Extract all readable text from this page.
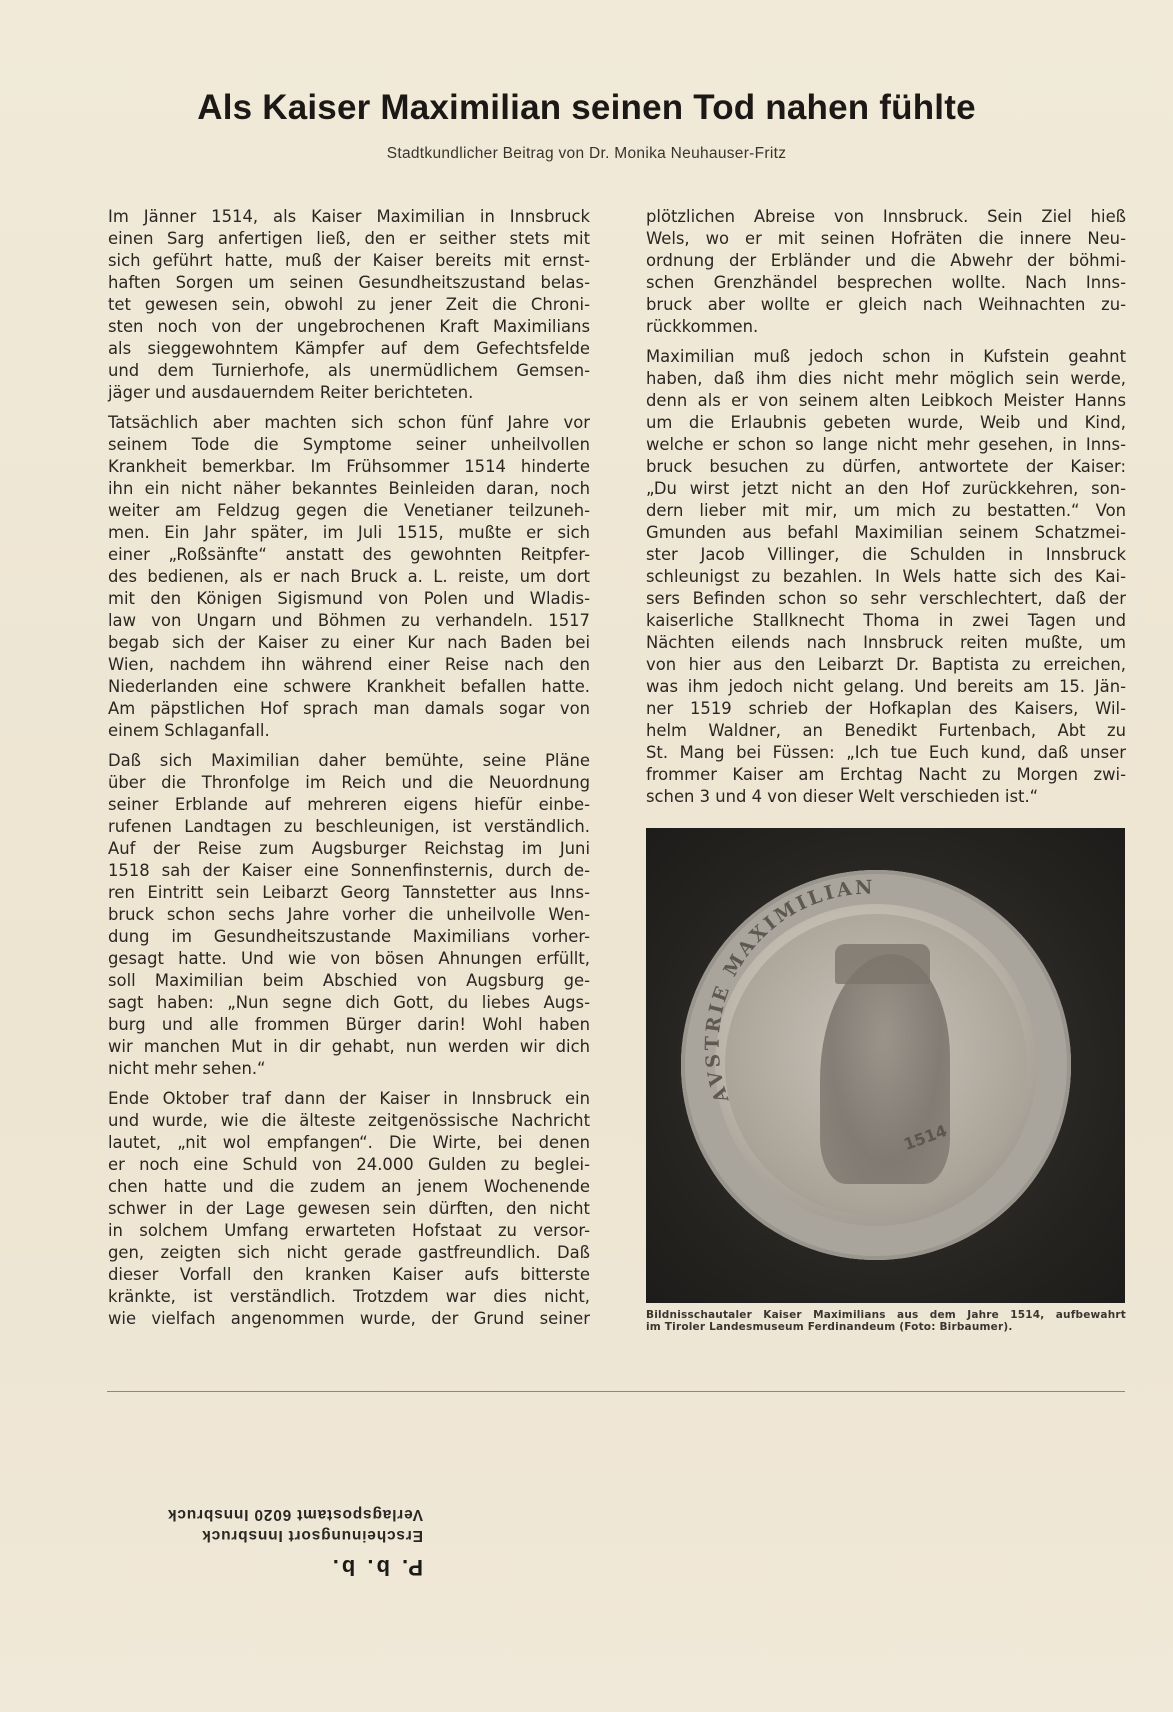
Als Kaiser Maximilian seinen Tod nahen fühlte
Stadtkundlicher Beitrag von Dr. Monika Neuhauser-Fritz
Im Jänner 1514, als Kaiser Maximilian in Innsbruck
einen Sarg anfertigen ließ, den er seither stets mit
sich geführt hatte, muß der Kaiser bereits mit ernst-
haften Sorgen um seinen Gesundheitszustand belas-
tet gewesen sein, obwohl zu jener Zeit die Chroni-
sten noch von der ungebrochenen Kraft Maximilians
als sieggewohntem Kämpfer auf dem Gefechtsfelde
und dem Turnierhofe, als unermüdlichem Gemsen-
jäger und ausdauerndem Reiter berichteten.
Tatsächlich aber machten sich schon fünf Jahre vor
seinem Tode die Symptome seiner unheilvollen
Krankheit bemerkbar. Im Frühsommer 1514 hinderte
ihn ein nicht näher bekanntes Beinleiden daran, noch
weiter am Feldzug gegen die Venetianer teilzuneh-
men. Ein Jahr später, im Juli 1515, mußte er sich
einer „Roßsänfte“ anstatt des gewohnten Reitpfer-
des bedienen, als er nach Bruck a. L. reiste, um dort
mit den Königen Sigismund von Polen und Wladis-
law von Ungarn und Böhmen zu verhandeln. 1517
begab sich der Kaiser zu einer Kur nach Baden bei
Wien, nachdem ihn während einer Reise nach den
Niederlanden eine schwere Krankheit befallen hatte.
Am päpstlichen Hof sprach man damals sogar von
einem Schlaganfall.
Daß sich Maximilian daher bemühte, seine Pläne
über die Thronfolge im Reich und die Neuordnung
seiner Erblande auf mehreren eigens hiefür einbe-
rufenen Landtagen zu beschleunigen, ist verständlich.
Auf der Reise zum Augsburger Reichstag im Juni
1518 sah der Kaiser eine Sonnenfinsternis, durch de-
ren Eintritt sein Leibarzt Georg Tannstetter aus Inns-
bruck schon sechs Jahre vorher die unheilvolle Wen-
dung im Gesundheitszustande Maximilians vorher-
gesagt hatte. Und wie von bösen Ahnungen erfüllt,
soll Maximilian beim Abschied von Augsburg ge-
sagt haben: „Nun segne dich Gott, du liebes Augs-
burg und alle frommen Bürger darin! Wohl haben
wir manchen Mut in dir gehabt, nun werden wir dich
nicht mehr sehen.“
Ende Oktober traf dann der Kaiser in Innsbruck ein
und wurde, wie die älteste zeitgenössische Nachricht
lautet, „nit wol empfangen“. Die Wirte, bei denen
er noch eine Schuld von 24.000 Gulden zu beglei-
chen hatte und die zudem an jenem Wochenende
schwer in der Lage gewesen sein dürften, den nicht
in solchem Umfang erwarteten Hofstaat zu versor-
gen, zeigten sich nicht gerade gastfreundlich. Daß
dieser Vorfall den kranken Kaiser aufs bitterste
kränkte, ist verständlich. Trotzdem war dies nicht,
wie vielfach angenommen wurde, der Grund seiner
plötzlichen Abreise von Innsbruck. Sein Ziel hieß
Wels, wo er mit seinen Hofräten die innere Neu-
ordnung der Erbländer und die Abwehr der böhmi-
schen Grenzhändel besprechen wollte. Nach Inns-
bruck aber wollte er gleich nach Weihnachten zu-
rückkommen.
Maximilian muß jedoch schon in Kufstein geahnt
haben, daß ihm dies nicht mehr möglich sein werde,
denn als er von seinem alten Leibkoch Meister Hanns
um die Erlaubnis gebeten wurde, Weib und Kind,
welche er schon so lange nicht mehr gesehen, in Inns-
bruck besuchen zu dürfen, antwortete der Kaiser:
„Du wirst jetzt nicht an den Hof zurückkehren, son-
dern lieber mit mir, um mich zu bestatten.“ Von
Gmunden aus befahl Maximilian seinem Schatzmei-
ster Jacob Villinger, die Schulden in Innsbruck
schleunigst zu bezahlen. In Wels hatte sich des Kai-
sers Befinden schon so sehr verschlechtert, daß der
kaiserliche Stallknecht Thoma in zwei Tagen und
Nächten eilends nach Innsbruck reiten mußte, um
von hier aus den Leibarzt Dr. Baptista zu erreichen,
was ihm jedoch nicht gelang. Und bereits am 15. Jän-
ner 1519 schrieb der Hofkaplan des Kaisers, Wil-
helm Waldner, an Benedikt Furtenbach, Abt zu
St. Mang bei Füssen: „Ich tue Euch kund, daß unser
frommer Kaiser am Erchtag Nacht zu Morgen zwi-
schen 3 und 4 von dieser Welt verschieden ist.“
AVSTRIE MAXIMILIAN
1514
Bildnisschautaler Kaiser Maximilians aus dem Jahre 1514, aufbewahrt
im Tiroler Landesmuseum Ferdinandeum (Foto: Birbaumer).
P. b. b.
Erscheinungsort Innsbruck
Verlagspostamt 6020 Innsbruck
